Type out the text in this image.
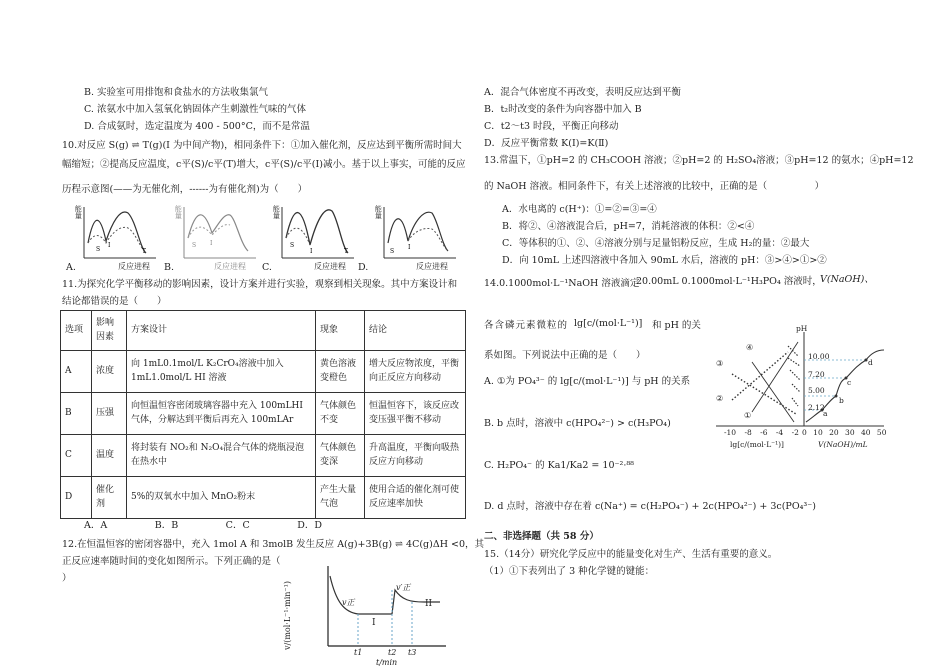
B. 实验室可用排饱和食盐水的方法收集氯气
C. 浓氨水中加入氢氧化钠固体产生刺激性气味的气体
D. 合成氨时，选定温度为 400 - 500°C，而不是常温
10.对反应 S(g) ⇌ T(g)(I 为中间产物)，相同条件下：①加入催化剂，反应达到平衡所需时间大
幅缩短；②提高反应温度，c平(S)/c平(T)增大，c平(S)/c平(I)减小。基于以上事实，可能的反应
历程示意图(——为无催化剂，------为有催化剂)为（　　）
S
I
T
S I	S
I	T	S
I
A.	反应进程 B.	反应进程 C.	反应进程 D.	反应进程
能量	能量	能量	能量
11.为探究化学平衡移动的影响因素，设计方案并进行实验，观察到相关现象。其中方案设计和
结论都错误的是（　　）
选项	影响因素	方案设计	现象	结论
A	浓度	向 1mL0.1mol/L K₂CrO₄溶液中加入 1mL1.0mol/L HI 溶液	黄色溶液变橙色	增大反应物浓度，平衡向正反应方向移动
B	压强	向恒温恒容密闭玻璃容器中充入 100mLHI 气体，分解达到平衡后再充入 100mLAr	气体颜色不变	恒温恒容下，该反应改变压强平衡不移动
C	温度	将封装有 NO₂和 N₂O₄混合气体的烧瓶浸泡在热水中	气体颜色变深	升高温度，平衡向吸热反应方向移动
D	催化剂	5%的双氧水中加入 MnO₂粉末	产生大量气泡	使用合适的催化剂可使反应速率加快
A．A　　　　　B．B　　　　　C．C　　　　　D．D
12.在恒温恒容的密闭容器中，充入 1mol A 和 3molB 发生反应 A(g)+3B(g) ⇌ 4C(g)ΔH <0，其
正反应速率随时间的变化如图所示。下列正确的是（
）
v/(mol·L⁻¹·min⁻¹)	v正
v′正
I
II
t1	t2 t3
t/min
A．混合气体密度不再改变，表明反应达到平衡
B．t₂时改变的条件为向容器中加入 B
C．t2～t3 时段，平衡正向移动
D．反应平衡常数 K(I)=K(Ⅱ)
13.常温下，①pH=2 的 CH₃COOH 溶液；②pH=2 的 H₂SO₄溶液；③pH=12 的氨水；④pH=12
的 NaOH 溶液。相同条件下，有关上述溶液的比较中，正确的是（　　　　　）
A．水电离的 c(H⁺)：①=②=③=④
B．将②、④溶液混合后，pH=7，消耗溶液的体积：②<④
C．等体积的①、②、④溶液分别与足量铝粉反应，生成 H₂的量：②最大
D．向 10mL 上述四溶液中各加入 90mL 水后，溶液的 pH：③>④>①>②
14.0.1000mol·L⁻¹NaOH 溶液滴定
20.00mL 0.1000mol·L⁻¹H₃PO₄ 溶液时，
V(NaOH)、
各含磷元素微粒的 lg[c/(mol·L⁻¹)] 和 pH 的关
系如图。下列说法中正确的是（　　）
A. ①为 PO₄³⁻ 的 lg[c/(mol·L⁻¹)] 与 pH 的关系
B. b 点时，溶液中 c(HPO₄²⁻) > c(H₃PO₄)
C. H₂PO₄⁻ 的 Ka1/Ka2 = 10⁻²·⁸⁸
D. d 点时，溶液中存在着 c(Na⁺) = c(H₂PO₄⁻) + 2c(HPO₄²⁻) + 3c(PO₄³⁻)
二、非选择题（共 58 分）
15.（14分）研究化学反应中的能量变化对生产、生活有重要的意义。
（1）①下表列出了 3 种化学键的键能：
pH
10.00
7.20
5.00
2.12
④
③
②
①	a
b
c
d
-10 -8 -6 -4 -2 0 10 20 30 40 50
lg[c/(mol·L⁻¹)]	V(NaOH)/mL
